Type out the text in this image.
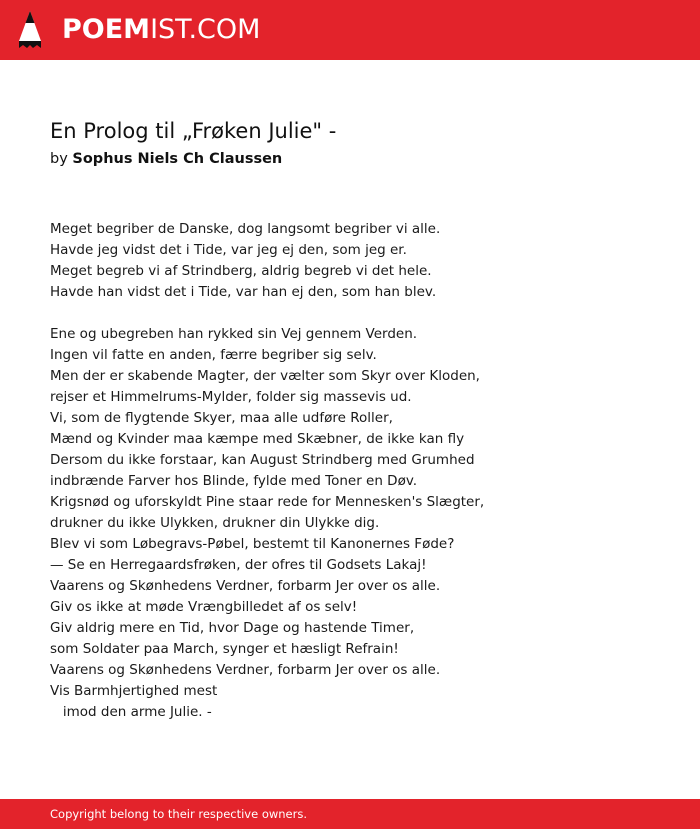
POEMIST.COM
En Prolog til „Frøken Julie" -
by Sophus Niels Ch Claussen
Meget begriber de Danske, dog langsomt begriber vi alle.
Havde jeg vidst det i Tide, var jeg ej den, som jeg er.
Meget begreb vi af Strindberg, aldrig begreb vi det hele.
Havde han vidst det i Tide, var han ej den, som han blev.
Ene og ubegreben han rykked sin Vej gennem Verden.
Ingen vil fatte en anden, færre begriber sig selv.
Men der er skabende Magter, der vælter som Skyr over Kloden,
rejser et Himmelrums-Mylder, folder sig massevis ud.
Vi, som de flygtende Skyer, maa alle udføre Roller,
Mænd og Kvinder maa kæmpe med Skæbner, de ikke kan fly
Dersom du ikke forstaar, kan August Strindberg med Grumhed
indbrænde Farver hos Blinde, fylde med Toner en Døv.
Krigsnød og uforskyldt Pine staar rede for Mennesken's Slægter,
drukner du ikke Ulykken, drukner din Ulykke dig.
Blev vi som Løbegravs-Pøbel, bestemt til Kanonernes Føde?
— Se en Herregaardsfrøken, der ofres til Godsets Lakaj!
Vaarens og Skønhedens Verdner, forbarm Jer over os alle.
Giv os ikke at møde Vrængbilledet af os selv!
Giv aldrig mere en Tid, hvor Dage og hastende Timer,
som Soldater paa March, synger et hæsligt Refrain!
Vaarens og Skønhedens Verdner, forbarm Jer over os alle.
Vis Barmhjertighed mest
imod den arme Julie. -
Copyright belong to their respective owners.
